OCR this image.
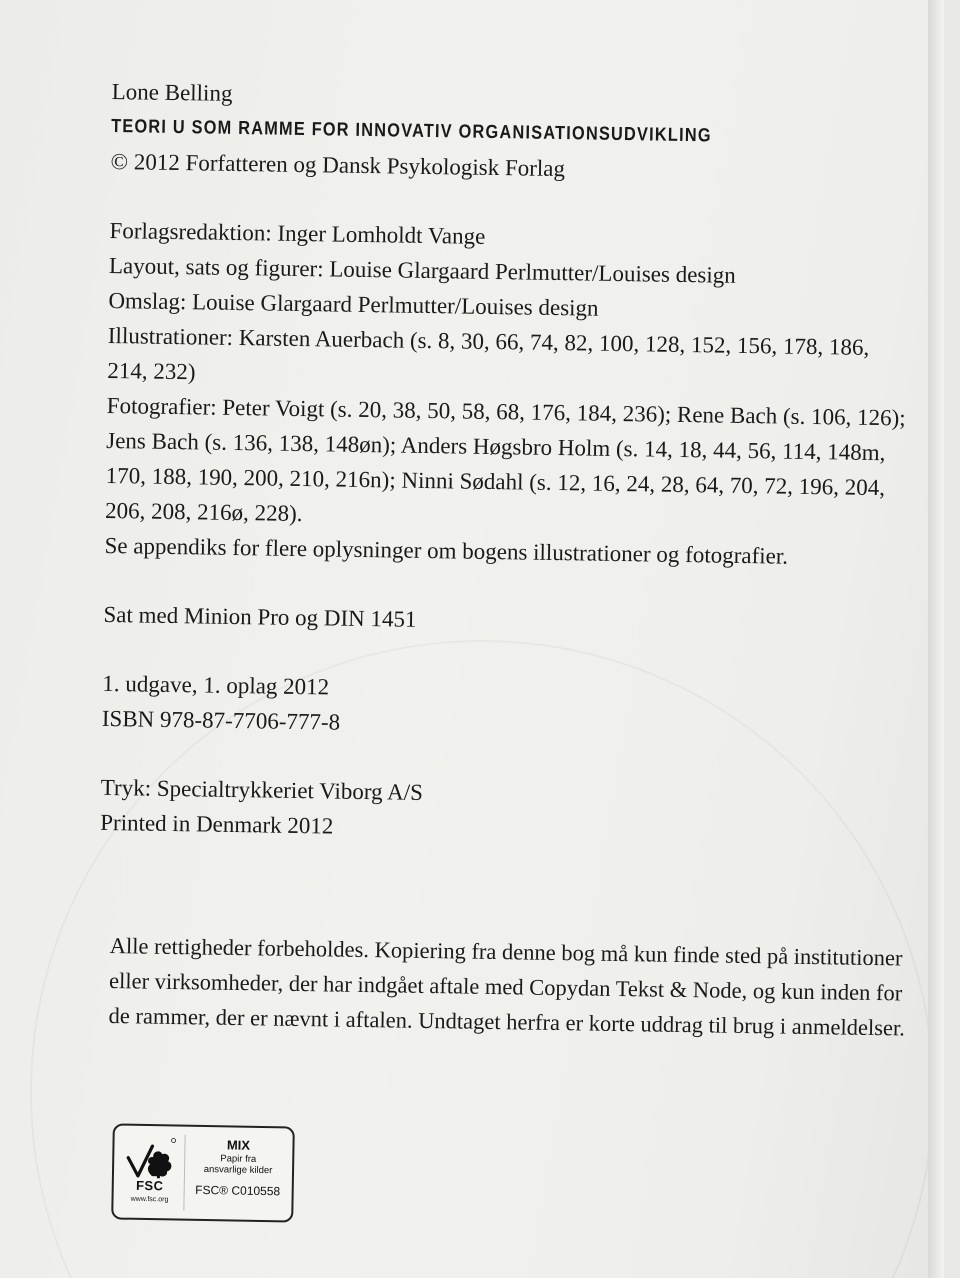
Lone Belling
TEORI U SOM RAMME FOR INNOVATIV ORGANISATIONSUDVIKLING
© 2012 Forfatteren og Dansk Psykologisk Forlag
Forlagsredaktion: Inger Lomholdt Vange
Layout, sats og figurer: Louise Glargaard Perlmutter/Louises design
Omslag: Louise Glargaard Perlmutter/Louises design
Illustrationer: Karsten Auerbach (s. 8, 30, 66, 74, 82, 100, 128, 152, 156, 178, 186, 214, 232)
Fotografier: Peter Voigt (s. 20, 38, 50, 58, 68, 176, 184, 236); Rene Bach (s. 106, 126); Jens Bach (s. 136, 138, 148øn); Anders Høgsbro Holm (s. 14, 18, 44, 56, 114, 148m, 170, 188, 190, 200, 210, 216n); Ninni Sødahl (s. 12, 16, 24, 28, 64, 70, 72, 196, 204, 206, 208, 216ø, 228).
Se appendiks for flere oplysninger om bogens illustrationer og fotografier.
Sat med Minion Pro og DIN 1451
1. udgave, 1. oplag 2012
ISBN 978-87-7706-777-8
Tryk: Specialtrykkeriet Viborg A/S
Printed in Denmark 2012
Alle rettigheder forbeholdes. Kopiering fra denne bog må kun finde sted på institutioner eller virksomheder, der har indgået aftale med Copydan Tekst & Node, og kun inden for de rammer, der er nævnt i aftalen. Undtaget herfra er korte uddrag til brug i anmeldelser.
FSC
www.fsc.org
MIX
Papir fra
ansvarlige kilder
FSC® C010558
